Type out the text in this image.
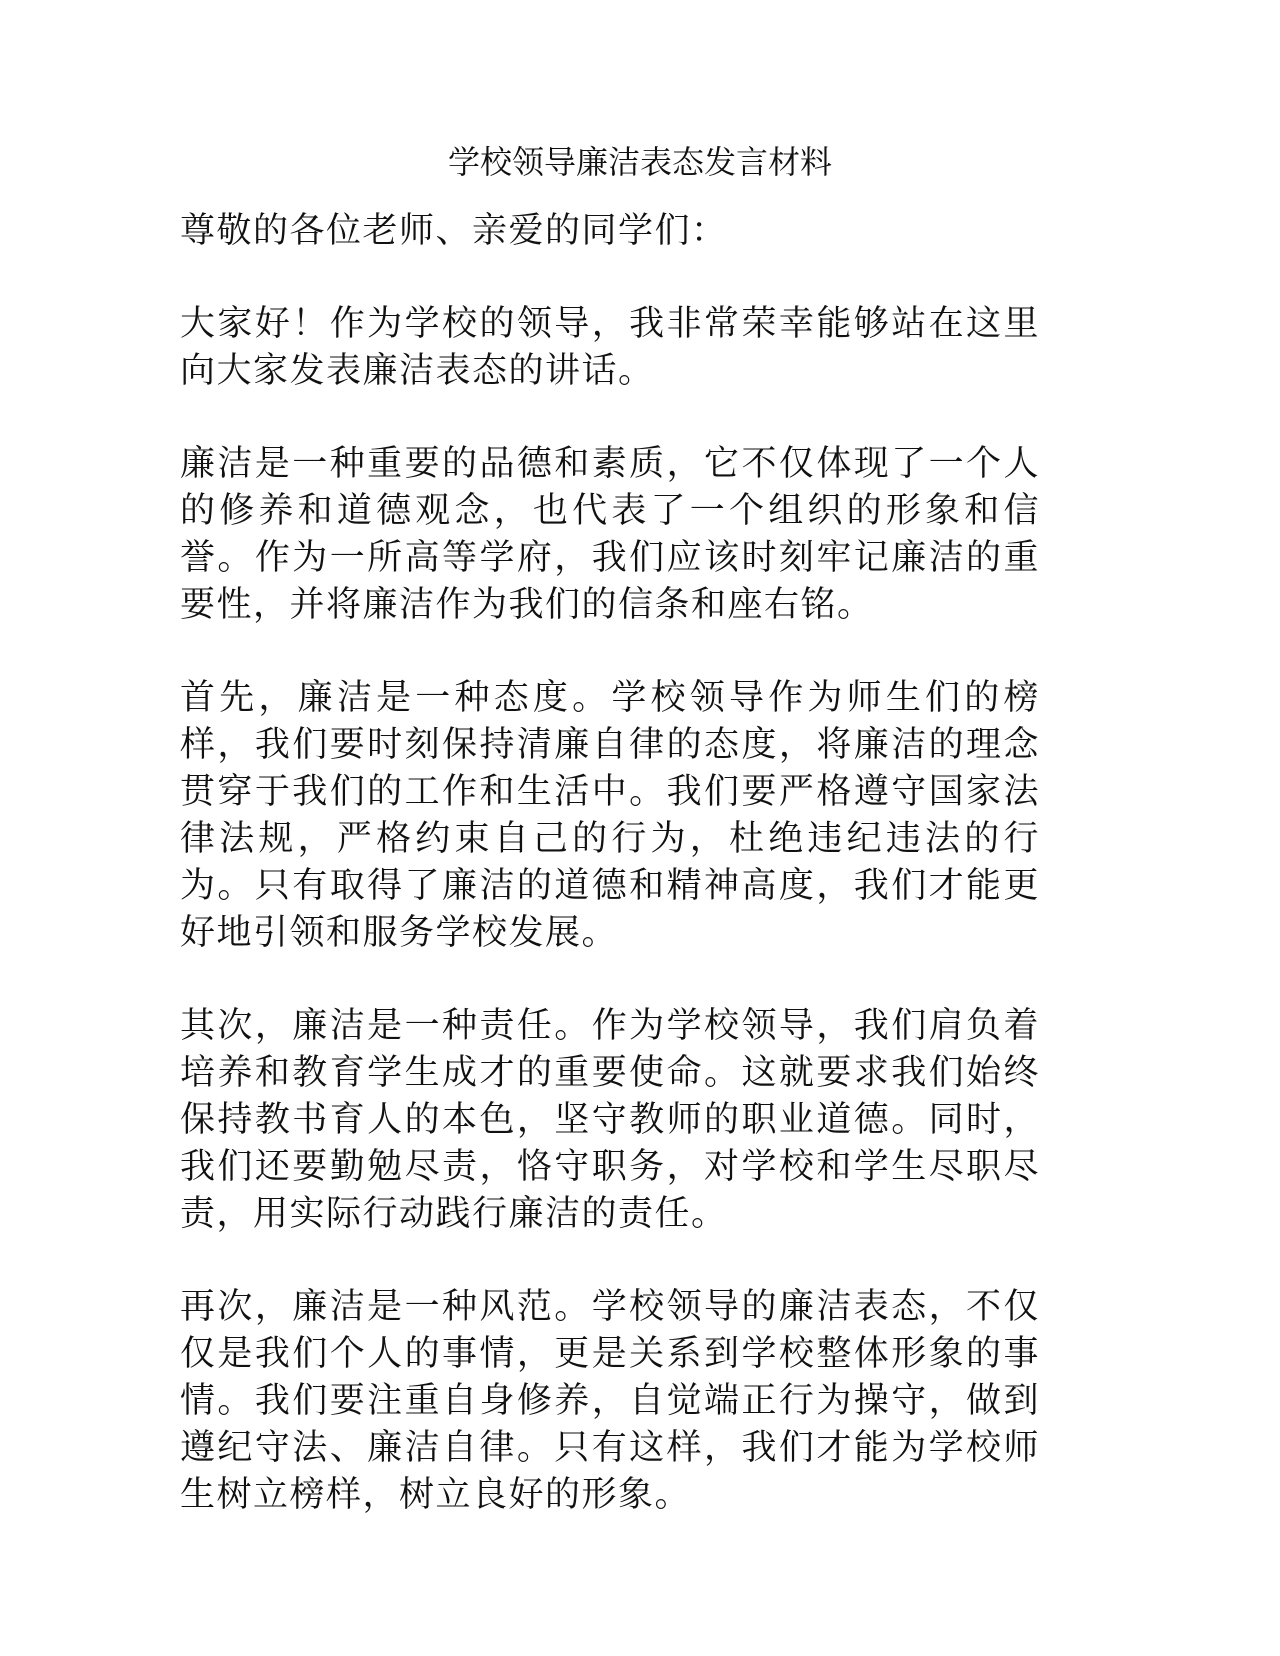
学校领导廉洁表态发言材料

尊敬的各位老师、亲爱的同学们：

大家好！作为学校的领导，我非常荣幸能够站在这里向大家发表廉洁表态的讲话。

廉洁是一种重要的品德和素质，它不仅体现了一个人的修养和道德观念，也代表了一个组织的形象和信誉。作为一所高等学府，我们应该时刻牢记廉洁的重要性，并将廉洁作为我们的信条和座右铭。

首先，廉洁是一种态度。学校领导作为师生们的榜样，我们要时刻保持清廉自律的态度，将廉洁的理念贯穿于我们的工作和生活中。我们要严格遵守国家法律法规，严格约束自己的行为，杜绝违纪违法的行为。只有取得了廉洁的道德和精神高度，我们才能更好地引领和服务学校发展。

其次，廉洁是一种责任。作为学校领导，我们肩负着培养和教育学生成才的重要使命。这就要求我们始终保持教书育人的本色，坚守教师的职业道德。同时，我们还要勤勉尽责，恪守职务，对学校和学生尽职尽责，用实际行动践行廉洁的责任。

再次，廉洁是一种风范。学校领导的廉洁表态，不仅仅是我们个人的事情，更是关系到学校整体形象的事情。我们要注重自身修养，自觉端正行为操守，做到遵纪守法、廉洁自律。只有这样，我们才能为学校师生树立榜样，树立良好的形象。
